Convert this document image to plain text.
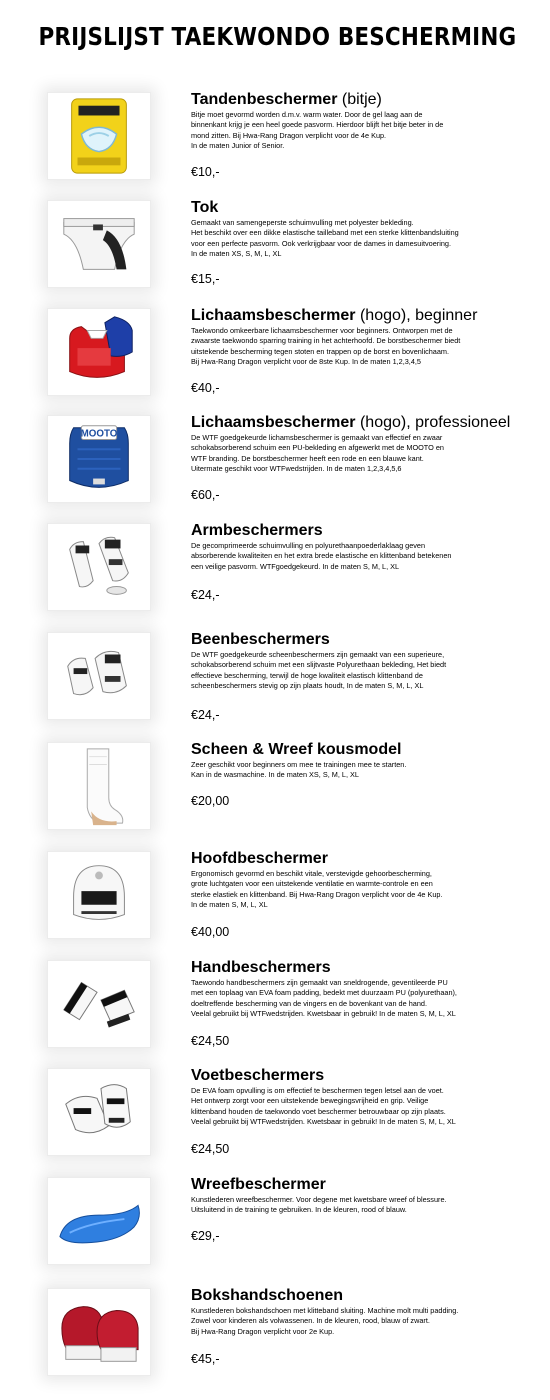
PRIJSLIJST TAEKWONDO BESCHERMING

Tandenbeschermer (bitje)

Bitje moet gevormd worden d.m.v. warm water. Door de gel laag aan de
binnenkant krijg je een heel goede pasvorm. Hierdoor blijft het bitje beter in de
mond zitten. Bij Hwa-Rang Dragon verplicht voor de 4e Kup.
In de maten Junior of Senior.
€10,-

Tok

Gemaakt van samengeperste schuimvulling met polyester bekleding.
Het beschikt over een dikke elastische tailleband met een sterke klittenbandsluiting
voor een perfecte pasvorm. Ook verkrijgbaar voor de dames in damesuitvoering.
In de maten XS, S, M, L, XL
€15,-

Lichaamsbeschermer (hogo), beginner

Taekwondo omkeerbare lichaamsbeschermer voor beginners. Ontworpen met de
zwaarste taekwondo sparring training in het achterhoofd. De borstbeschermer biedt
uitstekende bescherming tegen stoten en trappen op de borst en bovenlichaam.
Bij Hwa-Rang Dragon verplicht voor de 8ste Kup. In de maten 1,2,3,4,5
€40,-
MOOTO

Lichaamsbeschermer (hogo), professioneel

De WTF goedgekeurde lichamsbeschermer is gemaakt van effectief en zwaar
schokabsorberend schuim een PU-bekleding en afgewerkt met de MOOTO en
WTF branding. De borstbeschermer heeft een rode en een blauwe kant.
Uitermate geschikt voor WTFwedstrijden. In de maten 1,2,3,4,5,6
€60,-

Armbeschermers

De gecomprimeerde schuimvulling en polyurethaanpoederlaklaag geven
absorberende kwaliteiten en het extra brede elastische en klittenband betekenen
een veilige pasvorm. WTFgoedgekeurd. In de maten S, M, L, XL
€24,-

Beenbeschermers

De WTF goedgekeurde scheenbeschermers zijn gemaakt van een superieure,
schokabsorberend schuim met een slijtvaste Polyurethaan bekleding, Het biedt
effectieve bescherming, terwijl de hoge kwaliteit elastisch klittenband de
scheenbeschermers stevig op zijn plaats houdt, In de maten S, M, L, XL
€24,-

Scheen & Wreef kousmodel

Zeer geschikt voor beginners om mee te trainingen mee te starten.
Kan in de wasmachine. In de maten XS, S, M, L, XL
€20,00

Hoofdbeschermer

Ergonomisch gevormd en beschikt vitale, verstevigde gehoorbescherming,
grote luchtgaten voor een uitstekende ventilatie en warmte-controle en een
sterke elastiek en klittenband. Bij Hwa-Rang Dragon verplicht voor de 4e Kup.
In de maten S, M, L, XL
€40,00

Handbeschermers

Taewondo handbeschermers zijn gemaakt van sneldrogende, geventileerde PU
met een toplaag van EVA foam padding, bedekt met duurzaam PU (polyurethaan),
doeltreffende bescherming van de vingers en de bovenkant van de hand.
Veelal gebruikt bij WTFwedstrijden. Kwetsbaar in gebruik! In de maten S, M, L, XL
€24,50

Voetbeschermers

De EVA foam opvulling is om effectief te beschermen tegen letsel aan de voet.
Het ontwerp zorgt voor een uitstekende bewegingsvrijheid en grip. Veilige
klittenband houden de taekwondo voet beschermer betrouwbaar op zijn plaats.
Veelal gebruikt bij WTFwedstrijden. Kwetsbaar in gebruik! In de maten S, M, L, XL
€24,50

Wreefbeschermer

Kunstlederen wreefbeschermer. Voor degene met kwetsbare wreef of blessure.
Uitsluitend in de training te gebruiken. In de kleuren, rood of blauw.
€29,-

Bokshandschoenen

Kunstlederen bokshandschoen met klitteband sluiting. Machine molt multi padding.
Zowel voor kinderen als volwassenen. In de kleuren, rood, blauw of zwart.
Bij Hwa-Rang Dragon verplicht voor 2e Kup.
€45,-
